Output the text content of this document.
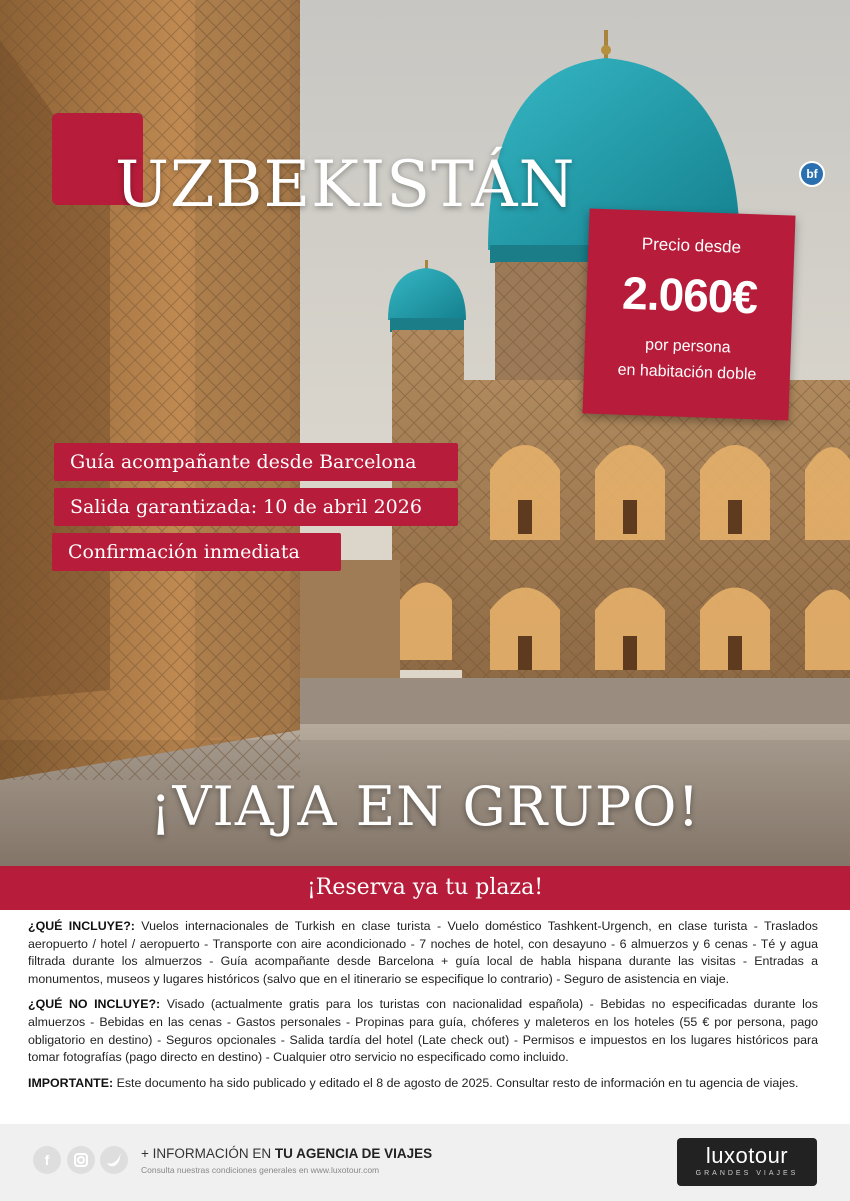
UZBEKISTÁN	bf
Precio desde
2.060€
por persona
en habitación doble
Guía acompañante desde Barcelona
Salida garantizada: 10 de abril 2026
Confirmación inmediata
¡VIAJA EN GRUPO!
¡Reserva ya tu plaza!

¿QUÉ INCLUYE?: Vuelos internacionales de Turkish en clase turista - Vuelo doméstico Tashkent-Urgench, en clase turista - Traslados aeropuerto / hotel / aeropuerto - Transporte con aire acondicionado - 7 noches de hotel, con desayuno - 6 almuerzos y 6 cenas - Té y agua filtrada durante los almuerzos - Guía acompañante desde Barcelona + guía local de habla hispana durante las visitas - Entradas a monumentos, museos y lugares históricos (salvo que en el itinerario se especifique lo contrario) - Seguro de asistencia en viaje.

¿QUÉ NO INCLUYE?: Visado (actualmente gratis para los turistas con nacionalidad española) - Bebidas no especificadas durante los almuerzos - Bebidas en las cenas - Gastos personales - Propinas para guía, chóferes y maleteros en los hoteles (55 € por persona, pago obligatorio en destino) - Seguros opcionales - Salida tardía del hotel (Late check out) - Permisos e impuestos en los lugares históricos para tomar fotografías (pago directo en destino) - Cualquier otro servicio no especificado como incluido.

IMPORTANTE: Este documento ha sido publicado y editado el 8 de agosto de 2025. Consultar resto de información en tu agencia de viajes.

f	+ INFORMACIÓN EN TU AGENCIA DE VIAJES
Consulta nuestras condiciones generales en www.luxotour.com
luxotour
GRANDES VIAJES
